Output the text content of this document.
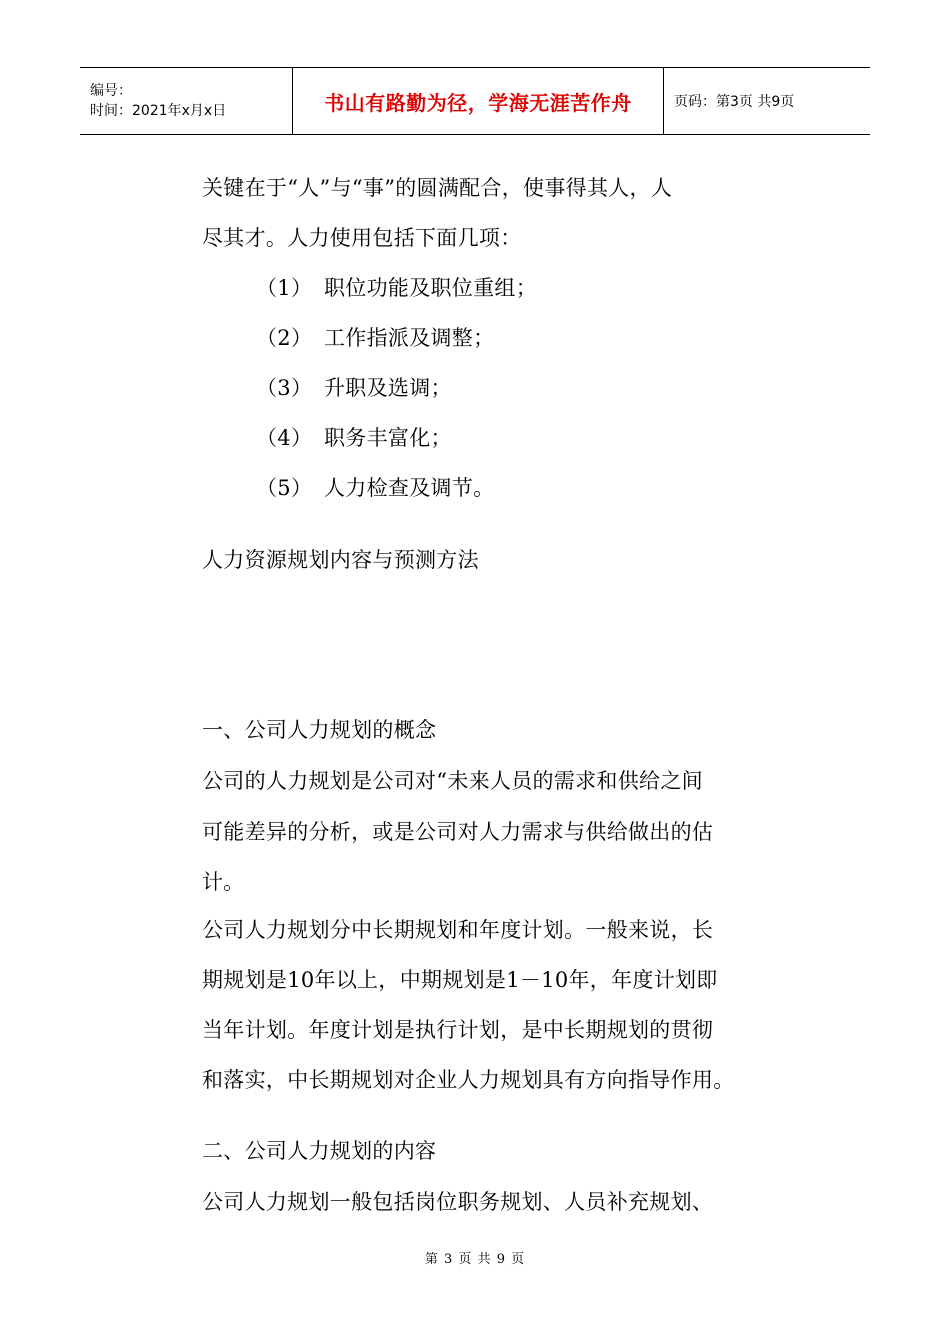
编号：
时间：2021年x月x日	书山有路勤为径，学海无涯苦作舟	页码：第3页 共9页
关键在于“人”与“事”的圆满配合，使事得其人，人
尽其才。人力使用包括下面几项：
（1） 职位功能及职位重组；
（2） 工作指派及调整；
（3） 升职及选调；
（4） 职务丰富化；
（5） 人力检查及调节。
人力资源规划内容与预测方法
一、公司人力规划的概念
公司的人力规划是公司对“未来人员的需求和供给之间
可能差异的分析，或是公司对人力需求与供给做出的估
计。
公司人力规划分中长期规划和年度计划。一般来说，长
期规划是10年以上，中期规划是1－10年，年度计划即
当年计划。年度计划是执行计划，是中长期规划的贯彻
和落实，中长期规划对企业人力规划具有方向指导作用。
二、公司人力规划的内容
公司人力规划一般包括岗位职务规划、人员补充规划、
第 3 页 共 9 页
